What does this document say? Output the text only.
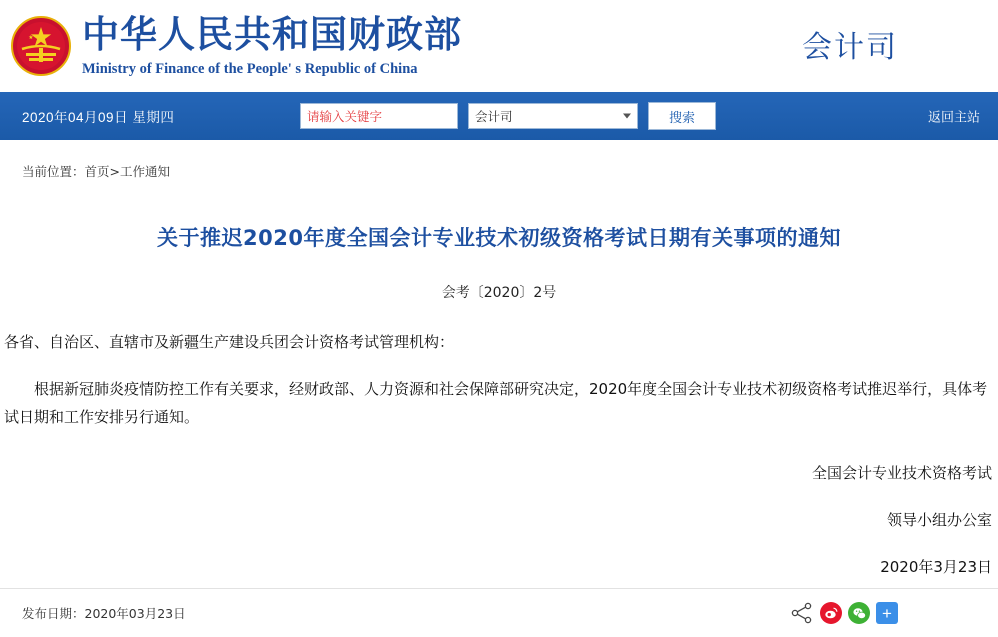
中华人民共和国财政部
Ministry of Finance of the People' s Republic of China
会计司
2020年04月09日 星期四
请输入关键字	会计司	搜索	返回主站
当前位置：首页>工作通知
关于推迟2020年度全国会计专业技术初级资格考试日期有关事项的通知
会考〔2020〕2号
各省、自治区、直辖市及新疆生产建设兵团会计资格考试管理机构：
根据新冠肺炎疫情防控工作有关要求，经财政部、人力资源和社会保障部研究决定，2020年度全国会计专业技术初级资格考试推迟举行，具体考试日期和工作安排另行通知。
全国会计专业技术资格考试
领导小组办公室
2020年3月23日
发布日期：2020年03月23日	+
